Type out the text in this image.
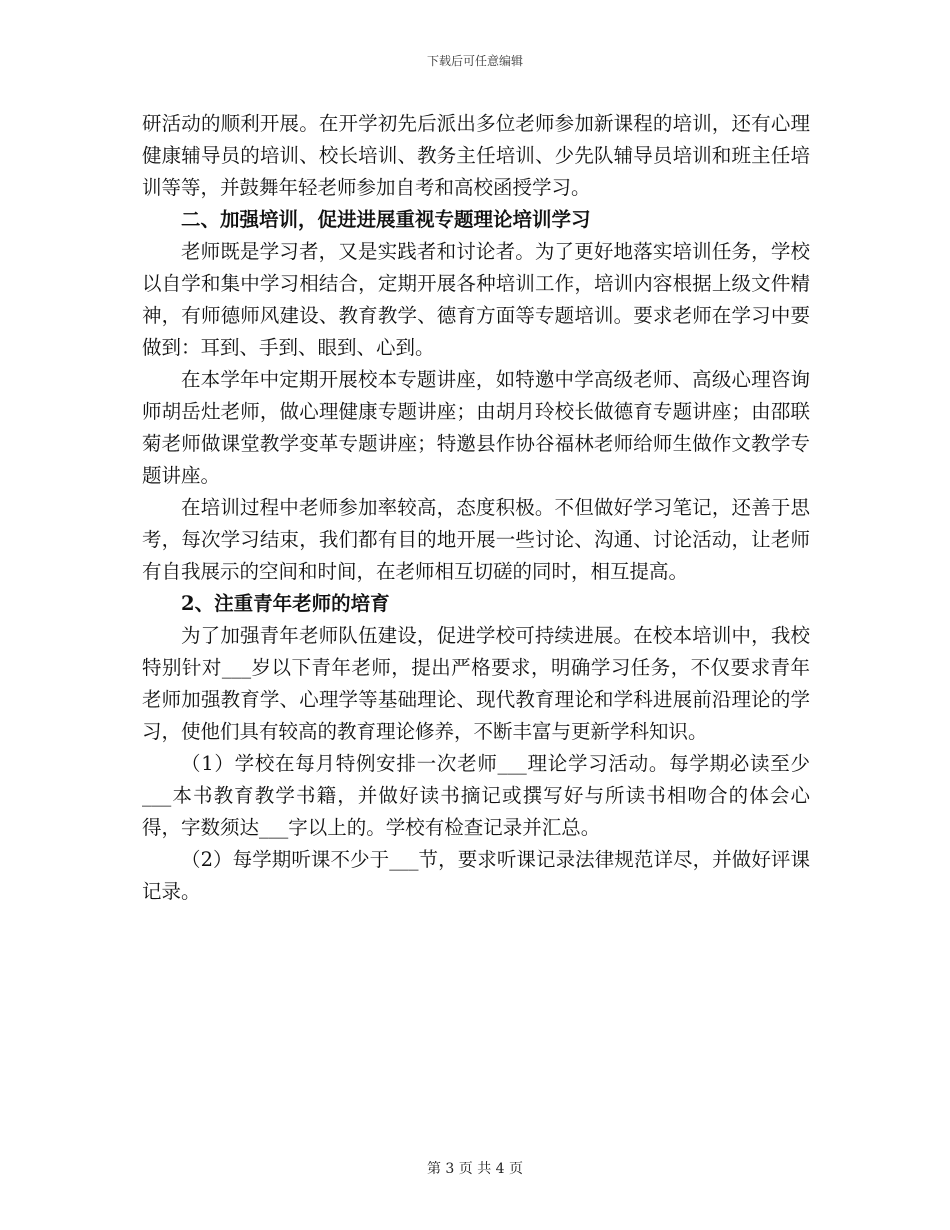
下载后可任意编辑

研活动的顺利开展。在开学初先后派出多位老师参加新课程的培训，还有心理健康辅导员的培训、校长培训、教务主任培训、少先队辅导员培训和班主任培训等等，并鼓舞年轻老师参加自考和高校函授学习。

二、加强培训，促进进展重视专题理论培训学习

老师既是学习者，又是实践者和讨论者。为了更好地落实培训任务，学校以自学和集中学习相结合，定期开展各种培训工作，培训内容根据上级文件精神，有师德师风建设、教育教学、德育方面等专题培训。要求老师在学习中要做到：耳到、手到、眼到、心到。

在本学年中定期开展校本专题讲座，如特邀中学高级老师、高级心理咨询师胡岳灶老师，做心理健康专题讲座；由胡月玲校长做德育专题讲座；由邵联菊老师做课堂教学变革专题讲座；特邀县作协谷福林老师给师生做作文教学专题讲座。

在培训过程中老师参加率较高，态度积极。不但做好学习笔记，还善于思考，每次学习结束，我们都有目的地开展一些讨论、沟通、讨论活动，让老师有自我展示的空间和时间，在老师相互切磋的同时，相互提高。

2、注重青年老师的培育

为了加强青年老师队伍建设，促进学校可持续进展。在校本培训中，我校特别针对___岁以下青年老师，提出严格要求，明确学习任务，不仅要求青年老师加强教育学、心理学等基础理论、现代教育理论和学科进展前沿理论的学习，使他们具有较高的教育理论修养，不断丰富与更新学科知识。

（1）学校在每月特例安排一次老师___理论学习活动。每学期必读至少___本书教育教学书籍，并做好读书摘记或撰写好与所读书相吻合的体会心得，字数须达___字以上的。学校有检查记录并汇总。

（2）每学期听课不少于___节，要求听课记录法律规范详尽，并做好评课记录。

第 3 页 共 4 页
